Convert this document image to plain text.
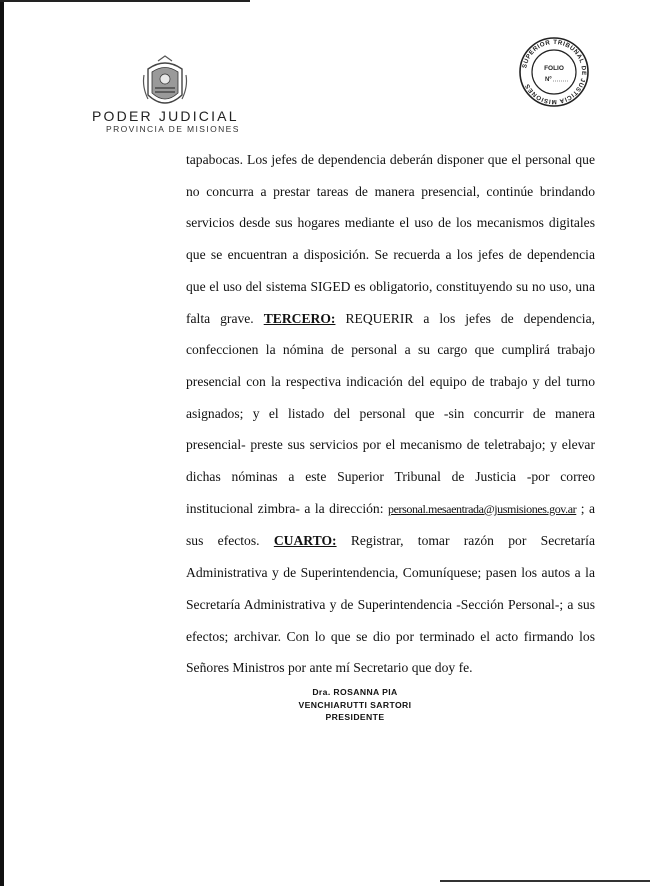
PODER JUDICIAL
PROVINCIA DE MISIONES
SUPERIOR TRIBUNAL DE JUSTICIA MISIONES
FOLIO
Nº

tapabocas. Los jefes de dependencia deberán disponer que el personal que no concurra a prestar tareas de manera presencial, continúe brindando servicios desde sus hogares mediante el uso de los mecanismos digitales que se encuentran a disposición. Se recuerda a los jefes de dependencia que el uso del sistema SIGED es obligatorio, constituyendo su no uso, una falta grave. TERCERO: REQUERIR a los jefes de dependencia, confeccionen la nómina de personal a su cargo que cumplirá trabajo presencial con la respectiva indicación del equipo de trabajo y del turno asignados; y el listado del personal que -sin concurrir de manera presencial- preste sus servicios por el mecanismo de teletrabajo; y elevar dichas nóminas a este Superior Tribunal de Justicia -por correo institucional zimbra- a la dirección: personal.mesaentrada@jusmisiones.gov.ar ; a sus efectos. CUARTO: Registrar, tomar razón por Secretaría Administrativa y de Superintendencia, Comuníquese; pasen los autos a la Secretaría Administrativa y de Superintendencia -Sección Personal-; a sus efectos; archivar. Con lo que se dio por terminado el acto firmando los Señores Ministros por ante mí Secretario que doy fe.

Dra. ROSANNA PIA
VENCHIARUTTI SARTORI
PRESIDENTE
